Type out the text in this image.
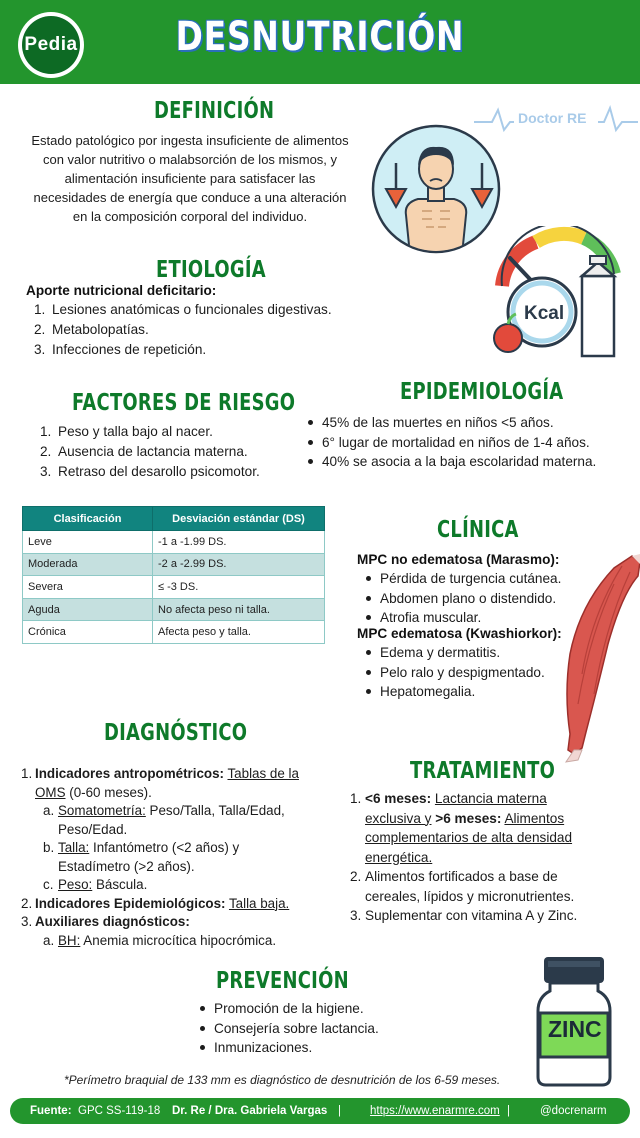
Pedia	DESNUTRICIÓN
Doctor RE
DEFINICIÓN
Estado patológico por ingesta insuficiente de alimentos
con valor nutritivo o malabsorción de los mismos, y
alimentación insuficiente para satisfacer las
necesidades de energía que conduce a una alteración
en la composición corporal del individuo.
ETIOLOGÍA
Aporte nutricional deficitario:
1. Lesiones anatómicas o funcionales digestivas.
2. Metabolopatías.
3. Infecciones de repetición.
Kcal
FACTORES DE RIESGO
1. Peso y talla bajo al nacer.
2. Ausencia de lactancia materna.
3. Retraso del desarollo psicomotor.
EPIDEMIOLOGÍA
45% de las muertes en niños <5 años.
6° lugar de mortalidad en niños de 1-4 años.
40% se asocia a la baja escolaridad materna.
Clasificación	Desviación estándar (DS)
Leve	-1 a -1.99 DS.
Moderada	-2 a -2.99 DS.
Severa	≤ -3 DS.
Aguda	No afecta peso ni talla.
Crónica	Afecta peso y talla.
CLÍNICA
MPC no edematosa (Marasmo):
Pérdida de turgencia cutánea.
Abdomen plano o distendido.
Atrofia muscular.
MPC edematosa (Kwashiorkor):
Edema y dermatitis.
Pelo ralo y despigmentado.
Hepatomegalia.
DIAGNÓSTICO
1. Indicadores antropométricos: Tablas de la
OMS (0-60 meses).
a. Somatometría: Peso/Talla, Talla/Edad,
Peso/Edad.
b. Talla: Infantómetro (<2 años) y
Estadímetro (>2 años).
c. Peso: Báscula.
2. Indicadores Epidemiológicos: Talla baja.
3. Auxiliares diagnósticos:
a. BH: Anemia microcítica hipocrómica.
TRATAMIENTO
1. <6 meses: Lactancia materna
exclusiva y >6 meses: Alimentos
complementarios de alta densidad
energética.
2. Alimentos fortificados a base de
cereales, lípidos y micronutrientes.
3. Suplementar con vitamina A y Zinc.
PREVENCIÓN
Promoción de la higiene.
Consejería sobre lactancia.
Inmunizaciones.
ZINC
*Perímetro braquial de 133 mm es diagnóstico de desnutrición de los 6-59 meses.
Fuente: GPC SS-119-18 Dr. Re / Dra. Gabriela Vargas |	https://www.enarmre.com |	@docrenarm
